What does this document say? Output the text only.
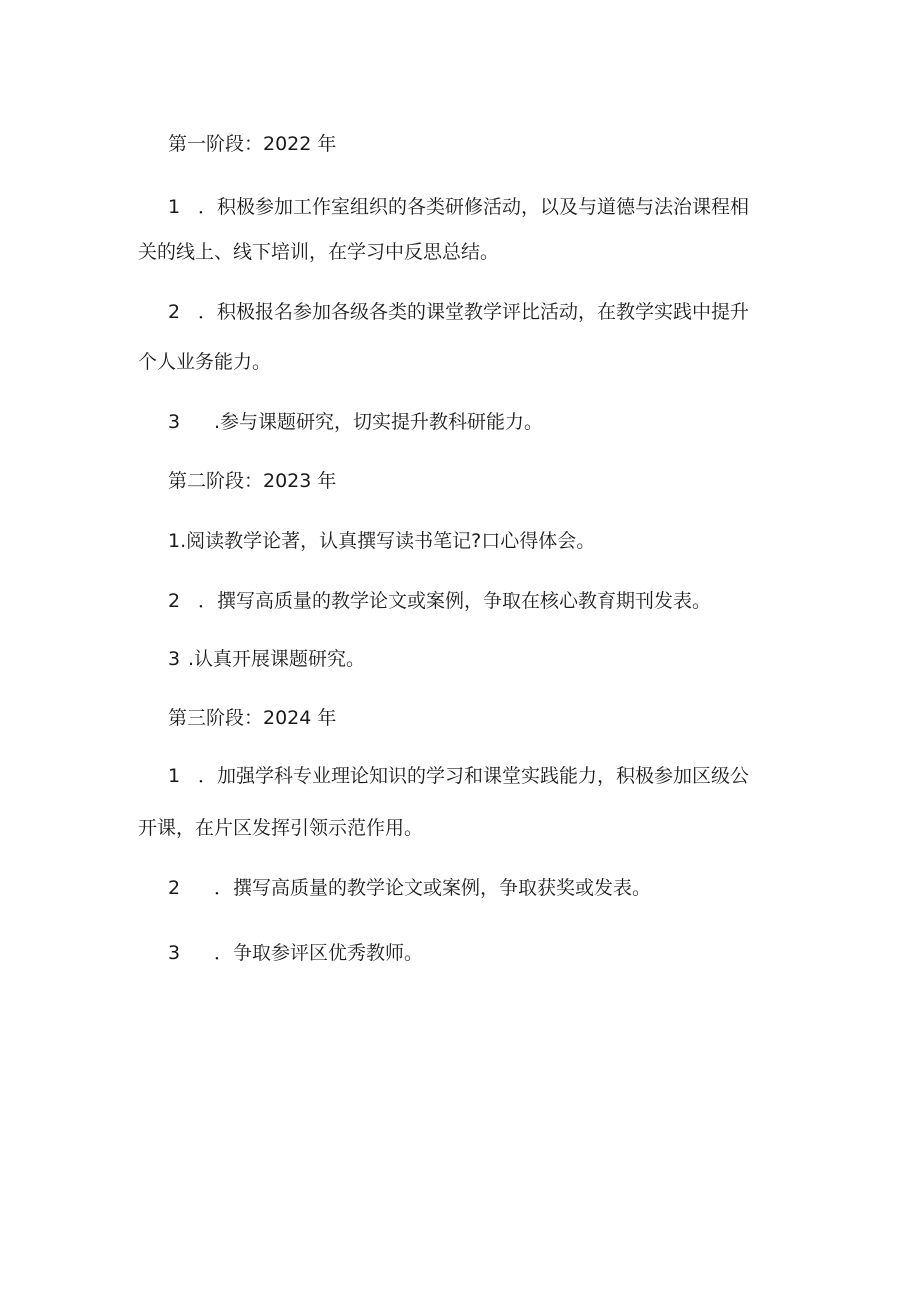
第一阶段：2022 年
1 ．积极参加工作室组织的各类研修活动，以及与道德与法治课程相
关的线上、线下培训，在学习中反思总结。
2 ．积极报名参加各级各类的课堂教学评比活动，在教学实践中提升
个人业务能力。
3 .参与课题研究，切实提升教科研能力。
第二阶段：2023 年
1.阅读教学论著，认真撰写读书笔记?口心得体会。
2 ．撰写高质量的教学论文或案例，争取在核心教育期刊发表。
3 .认真开展课题研究。
第三阶段：2024 年
1 ．加强学科专业理论知识的学习和课堂实践能力，积极参加区级公
开课，在片区发挥引领示范作用。
2 ．撰写高质量的教学论文或案例，争取获奖或发表。
3 ．争取参评区优秀教师。
